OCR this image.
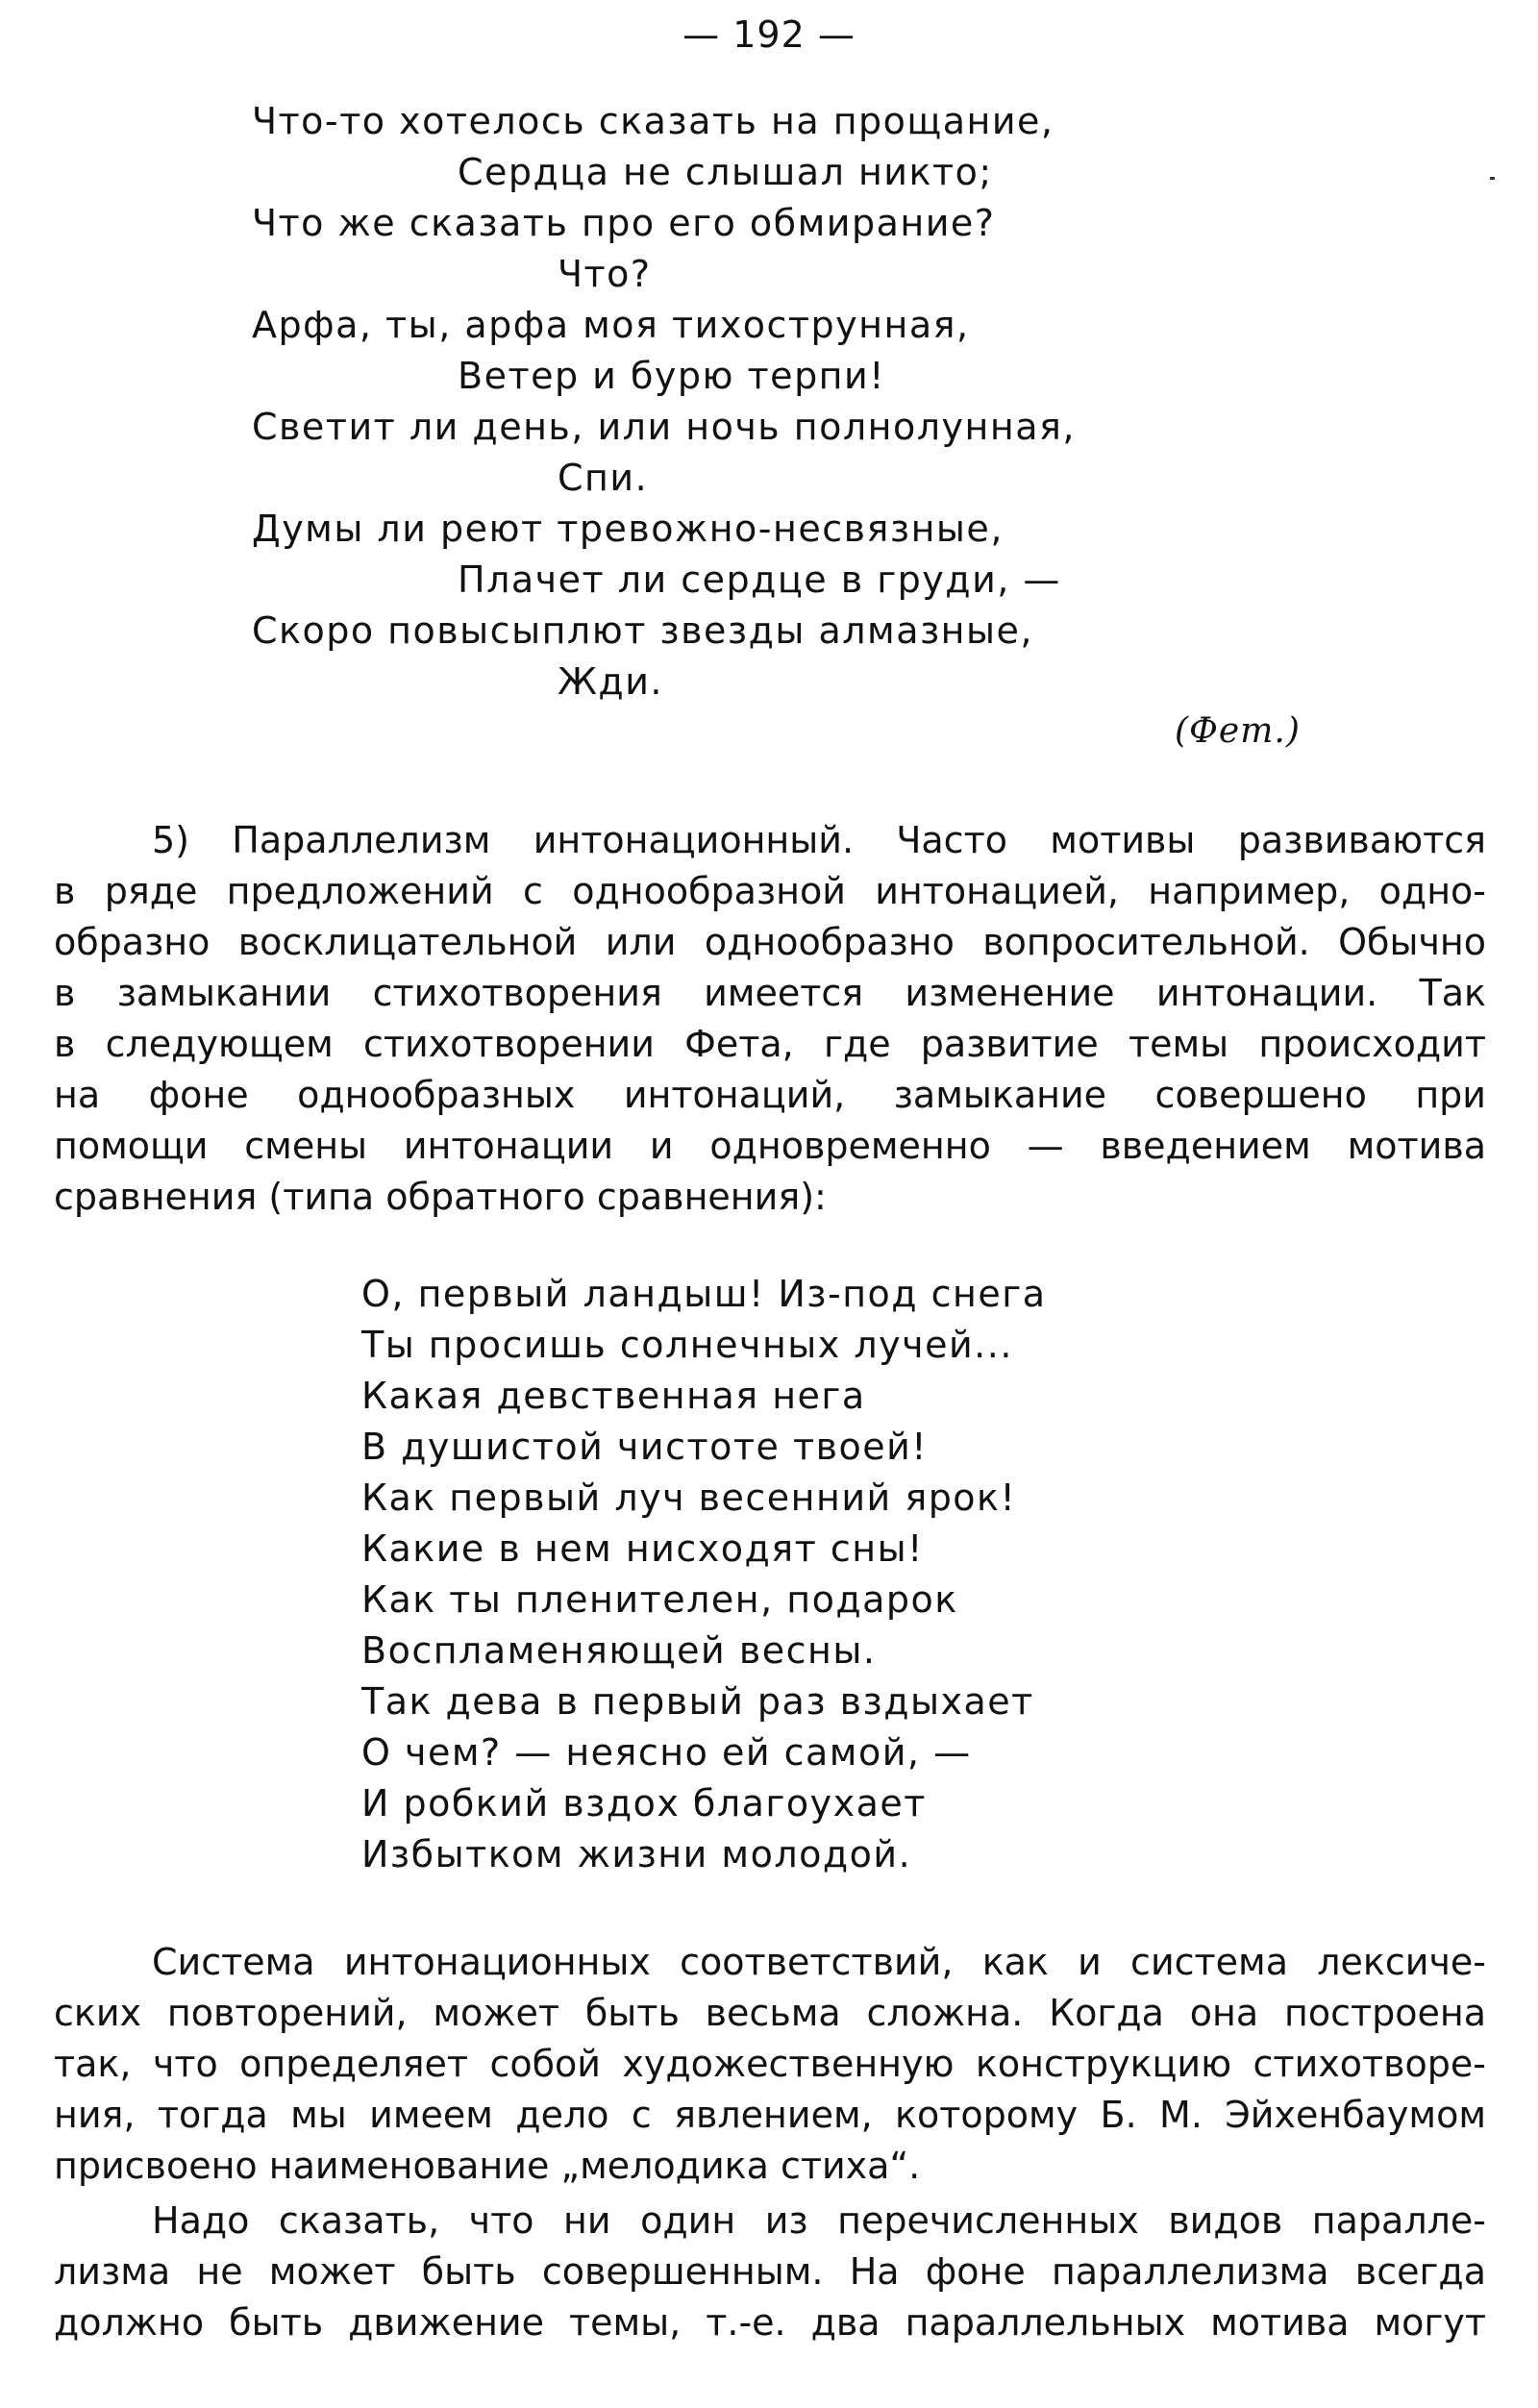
— 192 —
Что-то хотелось сказать на прощание,
Сердца не слышал никто;
Что же сказать про его обмирание?
Что?
Арфа, ты, арфа моя тихострунная,
Ветер и бурю терпи!
Светит ли день, или ночь полнолунная,
Спи.
Думы ли реют тревожно-несвязные,
Плачет ли сердце в груди, —
Скоро повысыплют звезды алмазные,
Жди.
(Фет.)
5) Параллелизм интонационный. Часто мотивы развиваются
в ряде предложений с однообразной интонацией, например, одно-
образно восклицательной или однообразно вопросительной. Обычно
в замыкании стихотворения имеется изменение интонации. Так
в следующем стихотворении Фета, где развитие темы происходит
на фоне однообразных интонаций, замыкание совершено при
помощи смены интонации и одновременно — введением мотива
сравнения (типа обратного сравнения):
О, первый ландыш! Из-под снега
Ты просишь солнечных лучей...
Какая девственная нега
В душистой чистоте твоей!
Как первый луч весенний ярок!
Какие в нем нисходят сны!
Как ты пленителен, подарок
Воспламеняющей весны.
Так дева в первый раз вздыхает
О чем? — неясно ей самой, —
И робкий вздох благоухает
Избытком жизни молодой.
Система интонационных соответствий, как и система лексиче-
ских повторений, может быть весьма сложна. Когда она построена
так, что определяет собой художественную конструкцию стихотворе-
ния, тогда мы имеем дело с явлением, которому Б. М. Эйхенбаумом
присвоено наименование „мелодика стиха“.
Надо сказать, что ни один из перечисленных видов паралле-
лизма не может быть совершенным. На фоне параллелизма всегда
должно быть движение темы, т.-е. два параллельных мотива могут
